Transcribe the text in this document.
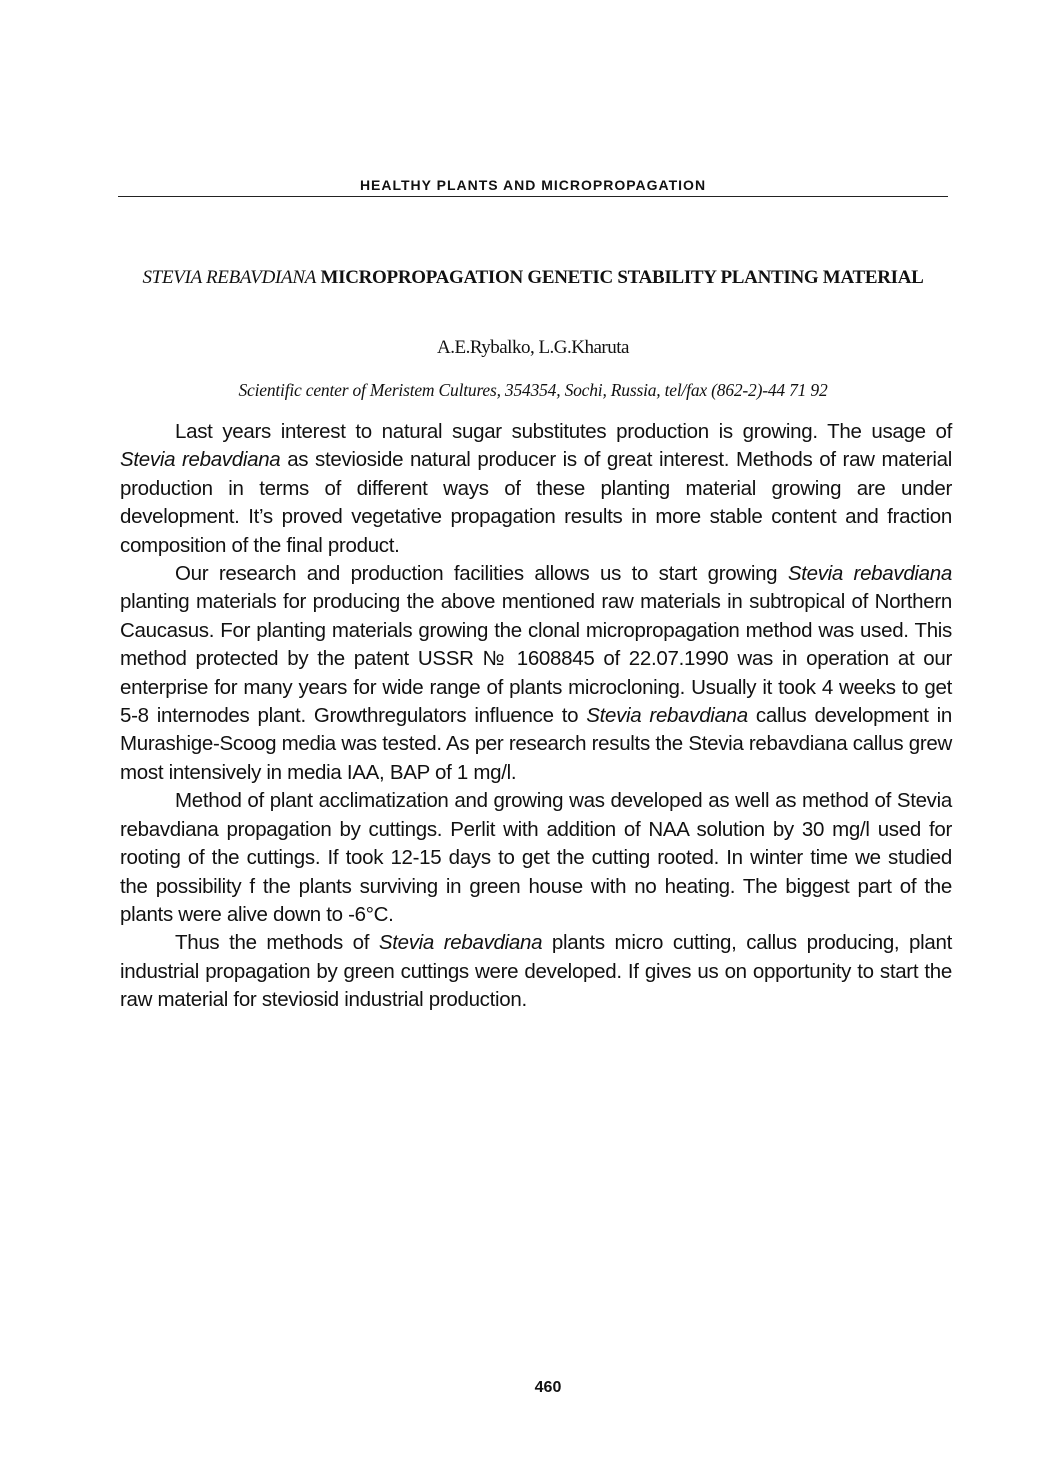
HEALTHY PLANTS AND MICROPROPAGATION
STEVIA REBAVDIANA MICROPROPAGATION GENETIC STABILITY PLANTING MATERIAL
A.E.Rybalko, L.G.Kharuta
Scientific center of Meristem Cultures, 354354, Sochi, Russia, tel/fax (862-2)-44 71 92

Last years interest to natural sugar substitutes production is growing. The usage of Stevia rebavdiana as stevioside natural producer is of great interest. Methods of raw material production in terms of different ways of these planting material growing are under development. It’s proved vegetative propagation results in more stable content and fraction composition of the final product.

Our research and production facilities allows us to start growing Stevia rebavdiana planting materials for producing the above mentioned raw materials in subtropical of Northern Caucasus. For planting materials growing the clonal micropropagation method was used. This method protected by the patent USSR № 1608845 of 22.07.1990 was in operation at our enterprise for many years for wide range of plants microcloning. Usually it took 4 weeks to get 5-8 internodes plant. Growthregulators influence to Stevia rebavdiana callus development in Murashige-Scoog media was tested. As per research results the Stevia rebavdiana callus grew most intensively in media IAA, BAP of 1 mg/l.

Method of plant acclimatization and growing was developed as well as method of Stevia rebavdiana propagation by cuttings. Perlit with addition of NAA solution by 30 mg/l used for rooting of the cuttings. If took 12-15 days to get the cutting rooted. In winter time we studied the possibility f the plants surviving in green house with no heating. The biggest part of the plants were alive down to -6°C.

Thus the methods of Stevia rebavdiana plants micro cutting, callus producing, plant industrial propagation by green cuttings were developed. If gives us on opportunity to start the raw material for steviosid industrial production.

460
